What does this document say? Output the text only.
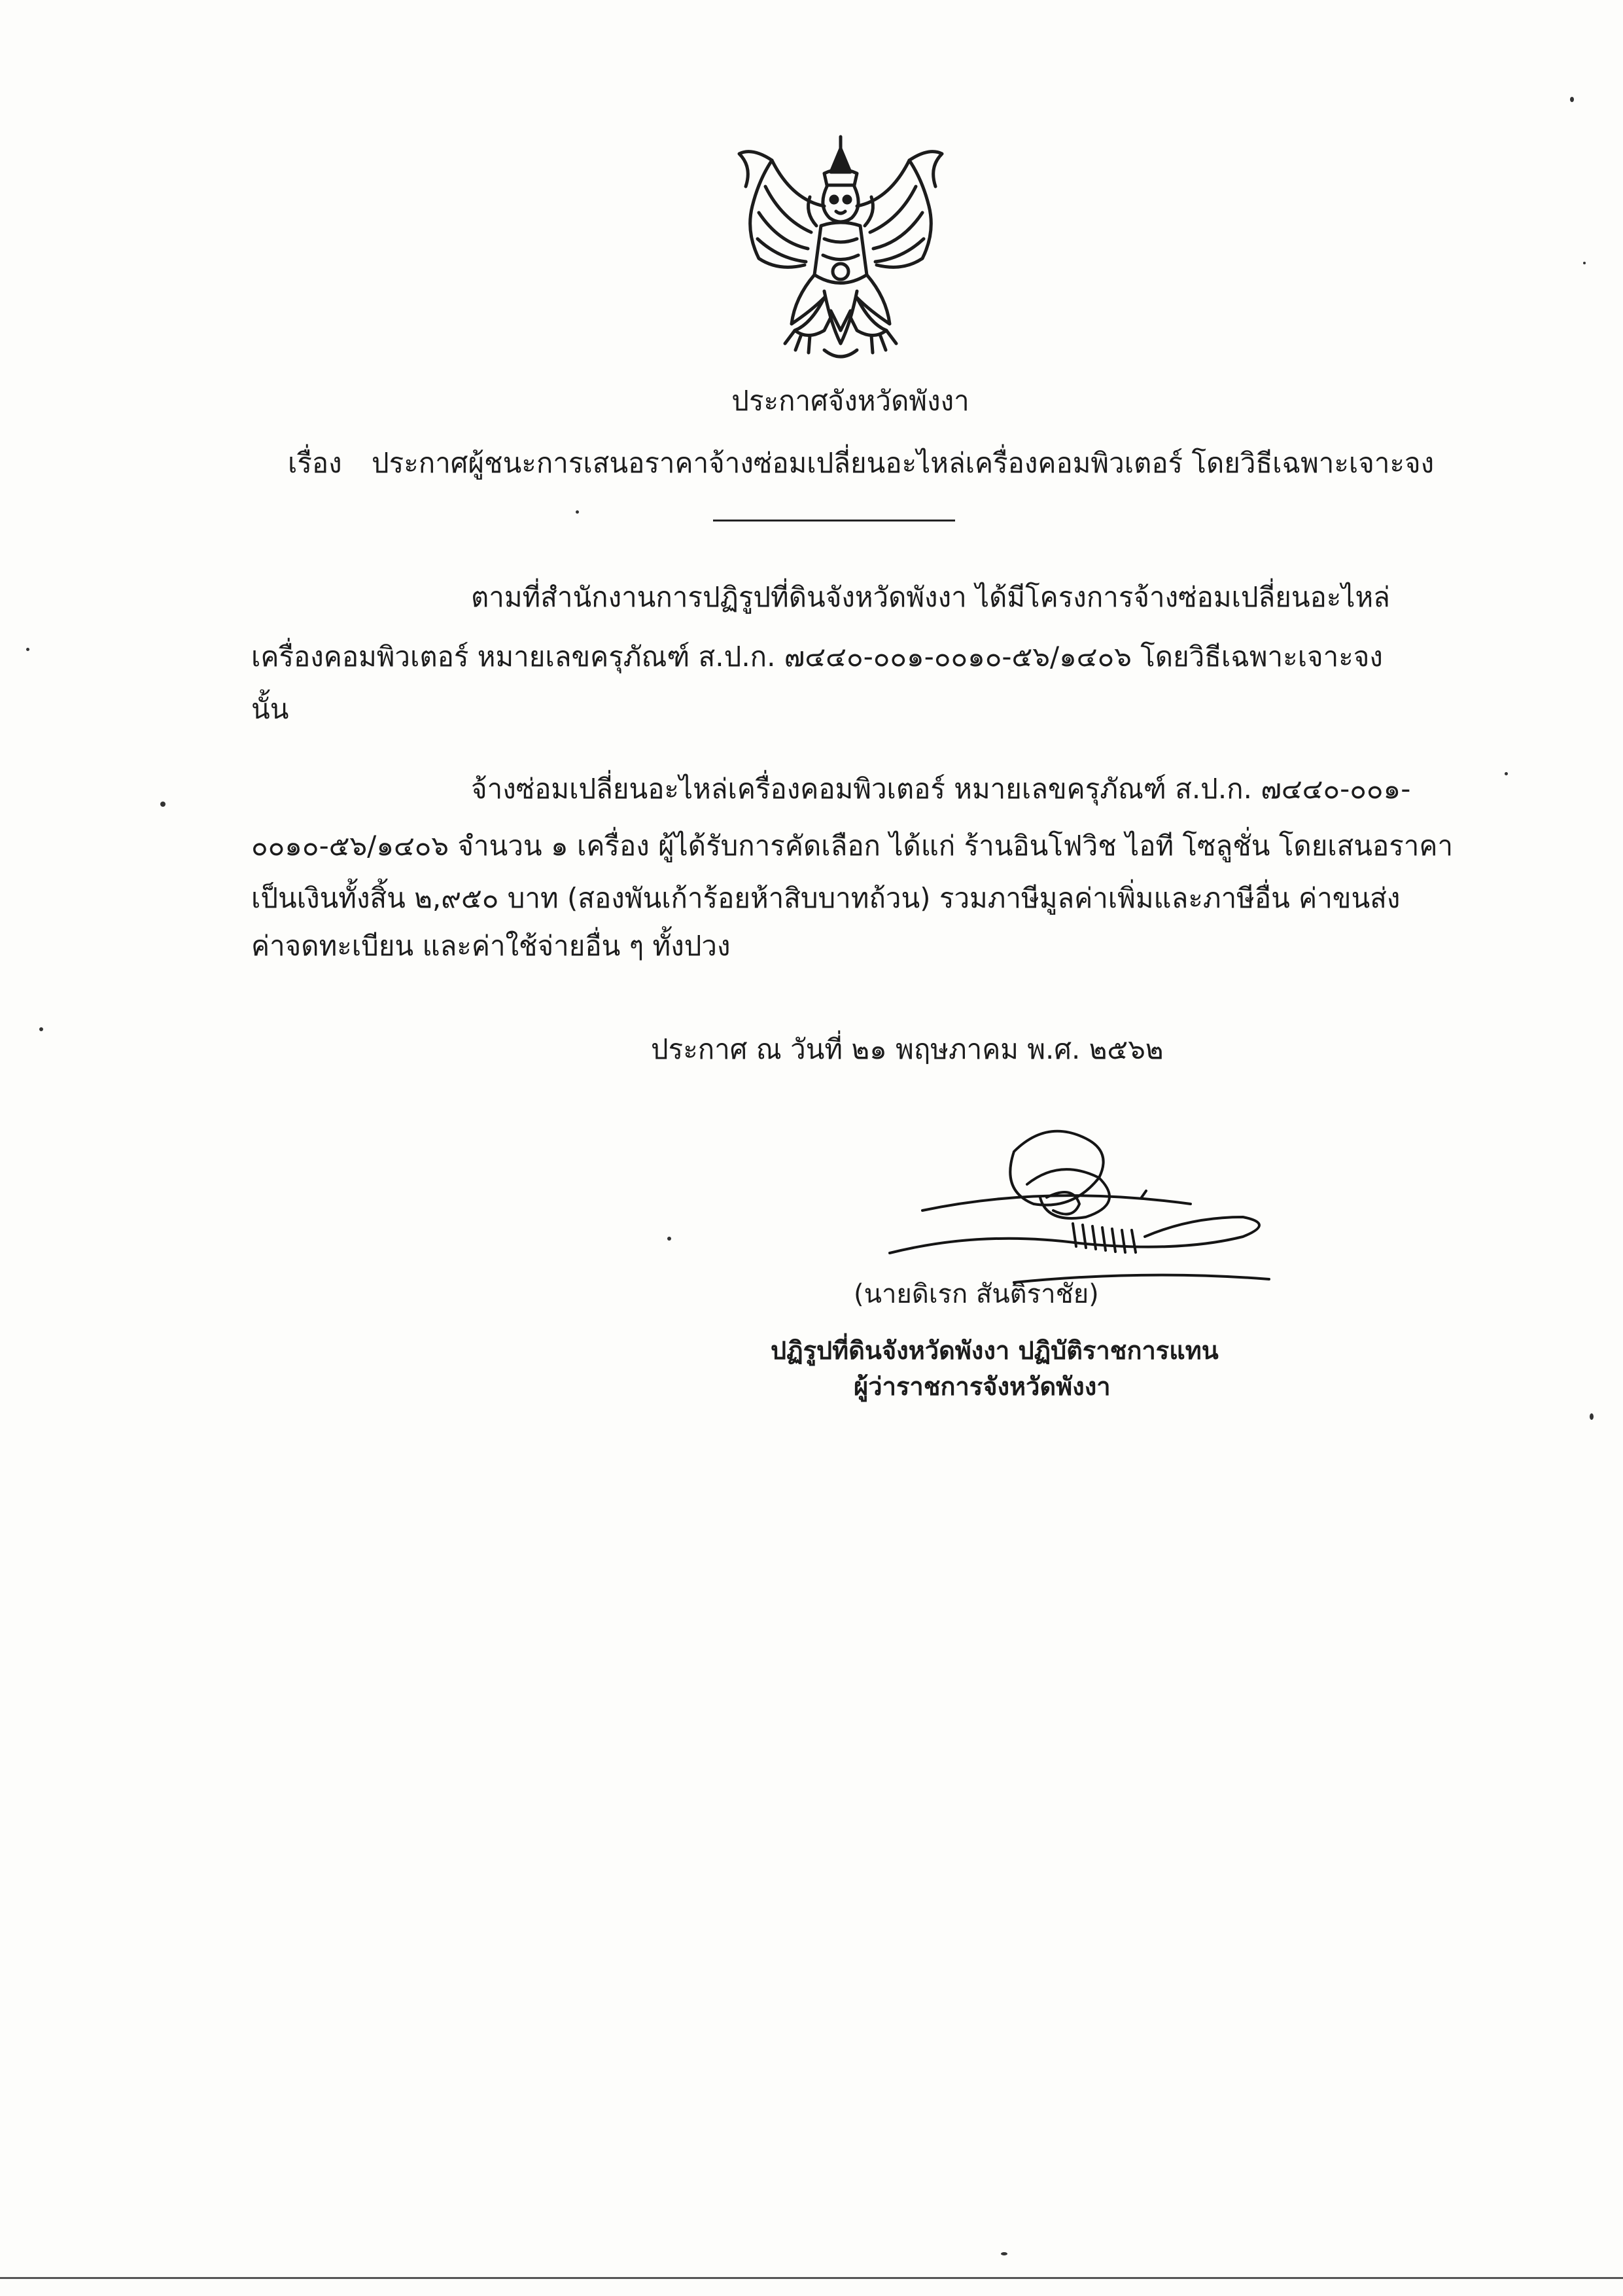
ประกาศจังหวัดพังงา
เรื่อง ประกาศผู้ชนะการเสนอราคาจ้างซ่อมเปลี่ยนอะไหล่เครื่องคอมพิวเตอร์ โดยวิธีเฉพาะเจาะจง
ตามที่สำนักงานการปฏิรูปที่ดินจังหวัดพังงา ได้มีโครงการจ้างซ่อมเปลี่ยนอะไหล่
เครื่องคอมพิวเตอร์ หมายเลขครุภัณฑ์ ส.ป.ก. ๗๔๔๐-๐๐๑-๐๐๑๐-๕๖/๑๔๐๖ โดยวิธีเฉพาะเจาะจง
นั้น
จ้างซ่อมเปลี่ยนอะไหล่เครื่องคอมพิวเตอร์ หมายเลขครุภัณฑ์ ส.ป.ก. ๗๔๔๐-๐๐๑-
๐๐๑๐-๕๖/๑๔๐๖ จำนวน ๑ เครื่อง ผู้ได้รับการคัดเลือก ได้แก่ ร้านอินโฟวิช ไอที โซลูชั่น โดยเสนอราคา
เป็นเงินทั้งสิ้น ๒,๙๕๐ บาท (สองพันเก้าร้อยห้าสิบบาทถ้วน) รวมภาษีมูลค่าเพิ่มและภาษีอื่น ค่าขนส่ง
ค่าจดทะเบียน และค่าใช้จ่ายอื่น ๆ ทั้งปวง
ประกาศ ณ วันที่ ๒๑ พฤษภาคม พ.ศ. ๒๕๖๒
(นายดิเรก สันติราชัย)
ปฏิรูปที่ดินจังหวัดพังงา ปฏิบัติราชการแทน
ผู้ว่าราชการจังหวัดพังงา
